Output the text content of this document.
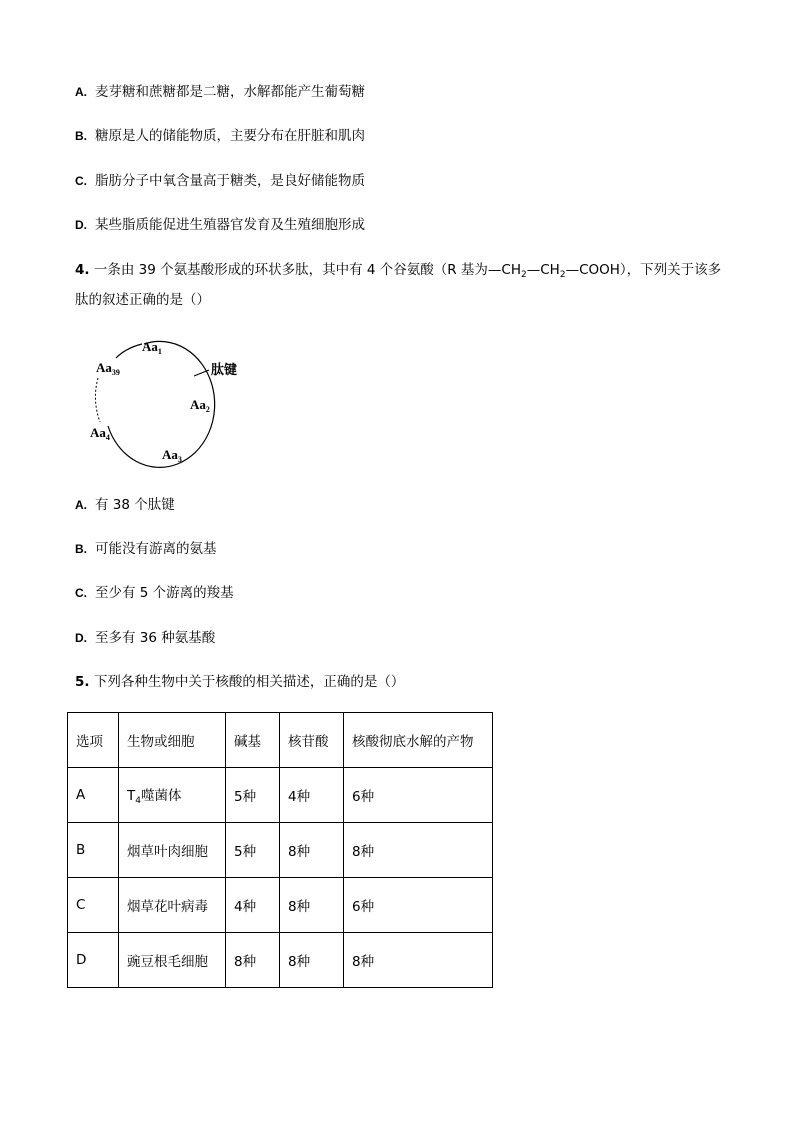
A. 麦芽糖和蔗糖都是二糖，水解都能产生葡萄糖
B. 糖原是人的储能物质，主要分布在肝脏和肌肉
C. 脂肪分子中氧含量高于糖类，是良好储能物质
D. 某些脂质能促进生殖器官发育及生殖细胞形成
4. 一条由 39 个氨基酸形成的环状多肽，其中有 4 个谷氨酸（R 基为$—CH_2—CH_2—COOH$），下列关于该多
肽的叙述正确的是（）
$Aa_1$
$Aa_{39}$
$Aa_2$
$Aa_4$
$Aa_3$
肽键
A. 有 38 个肽键
B. 可能没有游离的氨基
C. 至少有 5 个游离的羧基
D. 至多有 36 种氨基酸
5. 下列各种生物中关于核酸的相关描述，正确的是（）
选项	生物或细胞	碱基	核苷酸	核酸彻底水解的产物
A	$T_4$噬菌体	5种	4种	6种
B	烟草叶肉细胞	5种	8种	8种
C	烟草花叶病毒	4种	8种	6种
D	豌豆根毛细胞	8种	8种	8种
